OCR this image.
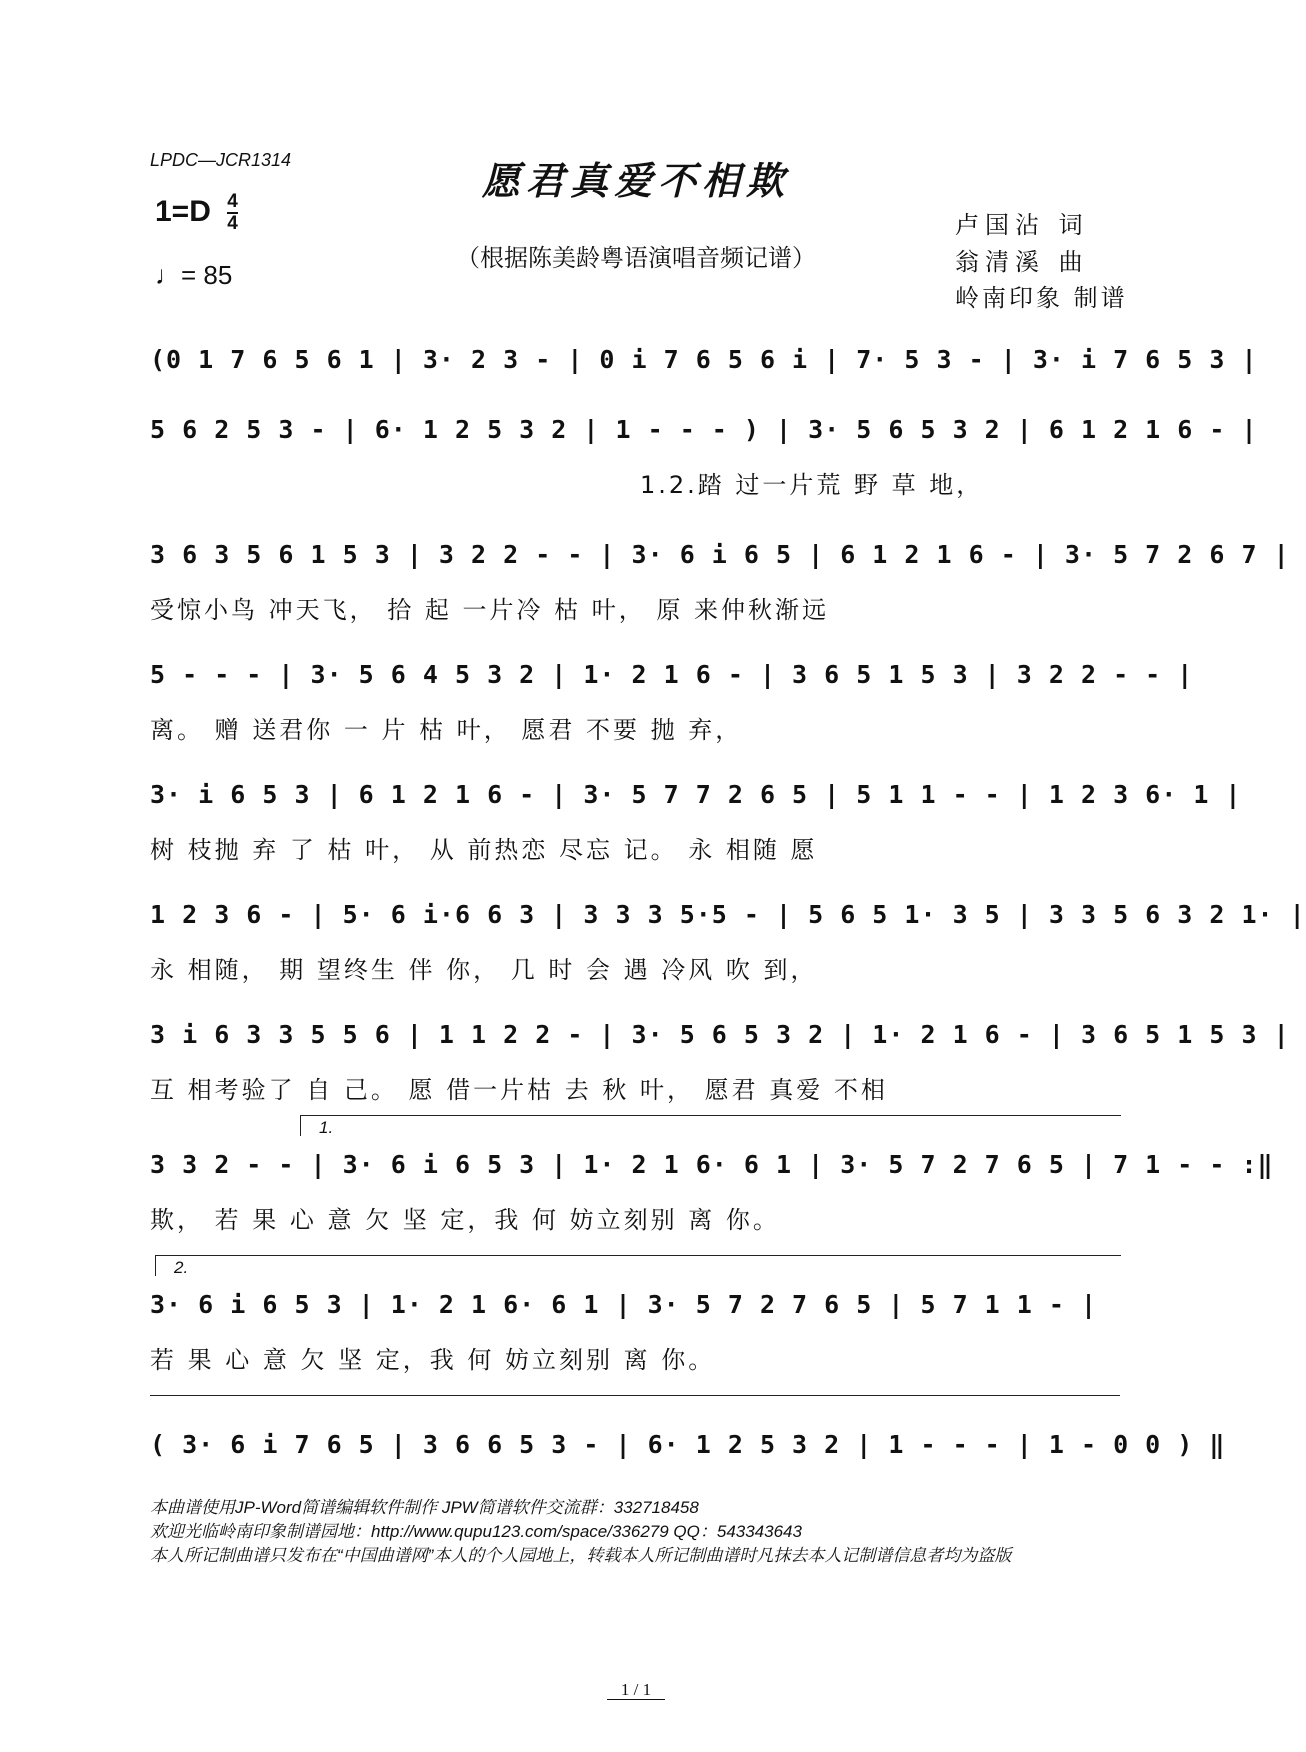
LPDC—JCR1314	愿君真爱不相欺
（根据陈美龄粤语演唱音频记谱）
$1=D \frac{4}{4}$
♩= 85
卢国沾 词
翁清溪 曲
岭南印象 制谱
(0 1 7 6 5 6 1 | 3· 2 3 - | 0 i 7 6 5 6 i | 7· 5 3 - | 3· i 7 6 5 3 |
5 6 2 5 3 - | 6· 1 2 5 3 2 | 1 - - - ) | 3· 5 6 5 3 2 | 6 1 2 1 6 - |
1.2.踏 过一片荒 野 草 地，
3 6 3 5 6 1 5 3 | 3 2 2 - - | 3· 6 i 6 5 | 6 1 2 1 6 - | 3· 5 7 2 6 7 |
受惊小鸟 冲天飞， 拾 起 一片冷 枯 叶， 原 来仲秋渐远
5 - - - | 3· 5 6 4 5 3 2 | 1· 2 1 6 - | 3 6 5 1 5 3 | 3 2 2 - - |
离。 赠 送君你 一 片 枯 叶， 愿君 不要 抛 弃，
3· i 6 5 3 | 6 1 2 1 6 - | 3· 5 7 7 2 6 5 | 5 1 1 - - | 1 2 3 6· 1 |
树 枝抛 弃 了 枯 叶， 从 前热恋 尽忘 记。 永 相随 愿
1 2 3 6 - | 5· 6 i·6 6 3 | 3 3 3 5·5 - | 5 6 5 1· 3 5 | 3 3 5 6 3 2 1· |
永 相随， 期 望终生 伴 你， 几 时 会 遇 冷风 吹 到，
3 i 6 3 3 5 5 6 | 1 1 2 2 - | 3· 5 6 5 3 2 | 1· 2 1 6 - | 3 6 5 1 5 3 |
互 相考验了 自 己。 愿 借一片枯 去 秋 叶， 愿君 真爱 不相
1.
3 3 2 - - | 3· 6 i 6 5 3 | 1· 2 1 6· 6 1 | 3· 5 7 2 7 6 5 | 7 1 - - :‖
欺， 若 果 心 意 欠 坚 定，我 何 妨立刻别 离 你。
2.
3· 6 i 6 5 3 | 1· 2 1 6· 6 1 | 3· 5 7 2 7 6 5 | 5 7 1 1 - |
若 果 心 意 欠 坚 定，我 何 妨立刻别 离 你。
( 3· 6 i 7 6 5 | 3 6 6 5 3 - | 6· 1 2 5 3 2 | 1 - - - | 1 - 0 0 ) ‖
本曲谱使用JP-Word简谱编辑软件制作 JPW简谱软件交流群：332718458
欢迎光临岭南印象制谱园地：http://www.qupu123.com/space/336279 QQ：543343643
本人所记制曲谱只发布在“中国曲谱网”本人的个人园地上，转载本人所记制曲谱时凡抹去本人记制谱信息者均为盗版
1 / 1
